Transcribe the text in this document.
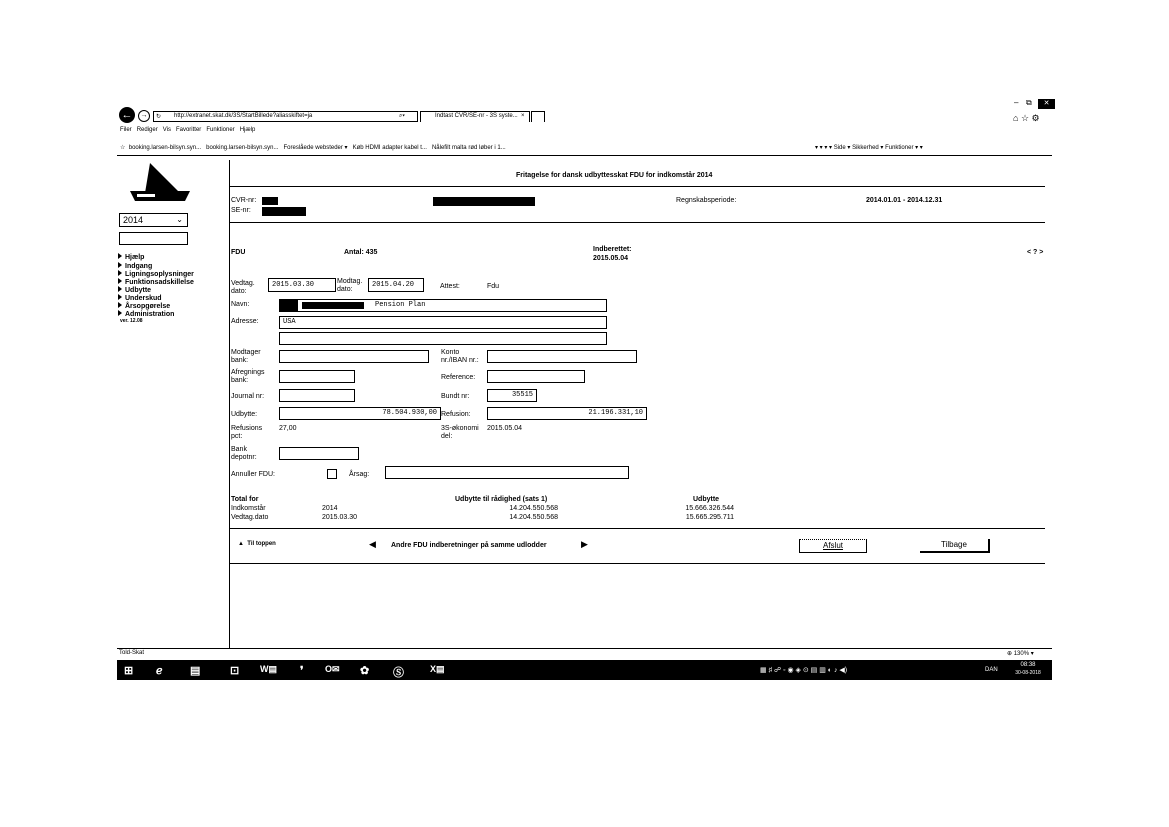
– ⧉	✕
⌂ ☆ ⚙
←	→	↻ http://extranet.skat.dk/3S/StartBillede?aliasskiftet=ja	⌕▾	Indtast CVR/SE-nr - 3S syste... ×
Filer Rediger Vis Favoritter Funktioner Hjælp
☆ booking.larsen-bilsyn.syn... booking.larsen-bilsyn.syn... Foreslåede websteder ▾ Køb HDMI adapter kabel t... Nålefilt malta rød løber i 1...	▾ ▾ ▾ ▾ Side ▾ Sikkerhed ▾ Funktioner ▾ ▾
2014	⌄
Hjælp
Indgang
Ligningsoplysninger
Funktionsadskillelse
Udbytte
Underskud
Årsopgørelse
Administration
ver. 12.08
Fritagelse for dansk udbyttesskat FDU for indkomstår 2014
CVR-nr:
SE-nr:
Regnskabsperiode:	2014.01.01 - 2014.12.31
FDU	Antal: 435	Indberettet:
2015.05.04
< ? >
Vedtag. dato:
2015.03.30	Modtag. dato:
2015.04.20	Attest:	Fdu
Navn:	Pension Plan
Adresse:	USA
Modtager bank:
Konto nr./IBAN nr.:
Afregnings bank:	Reference:
Journal nr:	Bundt nr:	35515
Udbytte:	78.504.930,00 Refusion:	21.196.331,10
Refusions pct:
27,00	3S-økonomi del:
2015.05.04
Bank depotnr:
Annuller FDU:	Årsag:
Total for	Udbytte til rådighed (sats 1)	Udbytte
Indkomstår	2014	14.204.550.568	15.666.326.544
Vedtag.dato	2015.03.30	14.204.550.568	15.665.295.711
▲ Til toppen	◀ Andre FDU indberetninger på samme udlodder	▶	Afslut	Tilbage
Told-Skat	⊕ 130% ▾
⊞ ℯ ▤	⊡ W▤ ❜ O✉ ✿ Ⓢ	X▤	▦ ♯ ☍ ◦ ◉ ◈ ⊙ ▤ ▥ ◐ ♪ ◀)	DAN
08:38
30-08-2018
